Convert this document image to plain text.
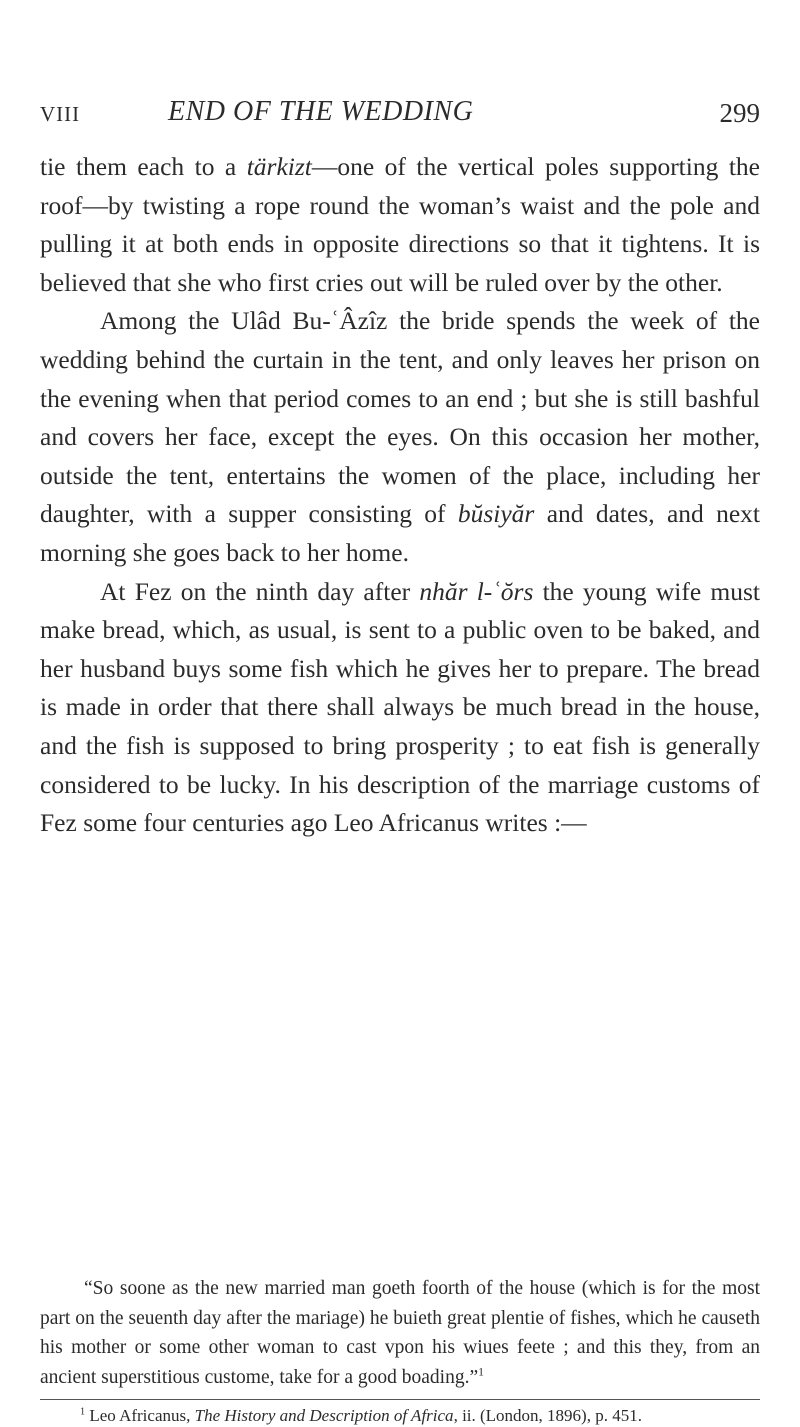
VIII	END OF THE WEDDING	299

tie them each to a tärkizt—one of the vertical poles supporting the roof—by twisting a rope round the woman’s waist and the pole and pulling it at both ends in opposite directions so that it tightens. It is believed that she who first cries out will be ruled over by the other.

Among the Ulâd Bu-ʿÂzîz the bride spends the week of the wedding behind the curtain in the tent, and only leaves her prison on the evening when that period comes to an end ; but she is still bashful and covers her face, except the eyes. On this occasion her mother, outside the tent, entertains the women of the place, including her daughter, with a supper consisting of bŭsiyăr and dates, and next morning she goes back to her home.

At Fez on the ninth day after nhăr l-ʿŏrs the young wife must make bread, which, as usual, is sent to a public oven to be baked, and her husband buys some fish which he gives her to prepare. The bread is made in order that there shall always be much bread in the house, and the fish is supposed to bring prosperity ; to eat fish is generally considered to be lucky. In his description of the marriage customs of Fez some four centuries ago Leo Africanus writes :—

“So soone as the new married man goeth foorth of the house (which is for the most part on the seuenth day after the mariage) he buieth great plentie of fishes, which he causeth his mother or some other woman to cast vpon his wiues feete ; and this they, from an ancient superstitious custome, take for a good boading.”$^1$

$^1$ Leo Africanus, The History and Description of Africa, ii. (London, 1896), p. 451.
